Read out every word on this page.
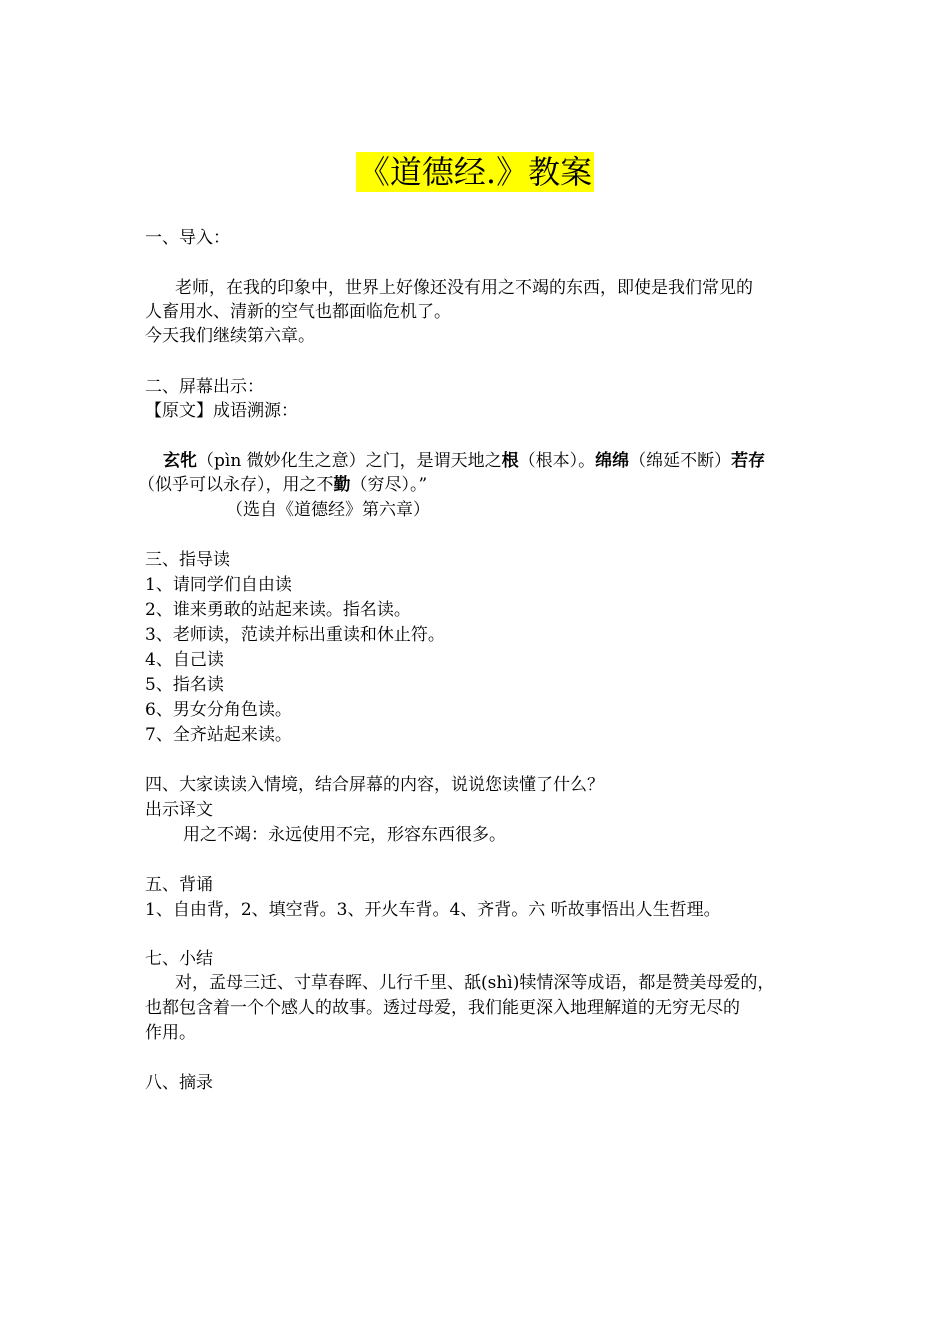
《道德经.》教案
一、导入：
老师，在我的印象中，世界上好像还没有用之不竭的东西，即使是我们常见的
人畜用水、清新的空气也都面临危机了。
今天我们继续第六章。
二、屏幕出示：
【原文】成语溯源：
玄牝（pìn 微妙化生之意）之门，是谓天地之根（根本）。绵绵（绵延不断）若存
（似乎可以永存），用之不勤（穷尽）。”
（选自《道德经》第六章）
三、指导读
1、请同学们自由读
2、谁来勇敢的站起来读。指名读。
3、老师读，范读并标出重读和休止符。
4、自己读
5、指名读
6、男女分角色读。
7、全齐站起来读。
四、大家读读入情境，结合屏幕的内容，说说您读懂了什么？
出示译文
用之不竭：永远使用不完，形容东西很多。
五、背诵
1、自由背，2、填空背。3、开火车背。4、齐背。六 听故事悟出人生哲理。
七、小结
对，孟母三迁、寸草春晖、儿行千里、舐(shì)犊情深等成语，都是赞美母爱的，
也都包含着一个个感人的故事。透过母爱，我们能更深入地理解道的无穷无尽的
作用。
八、摘录
